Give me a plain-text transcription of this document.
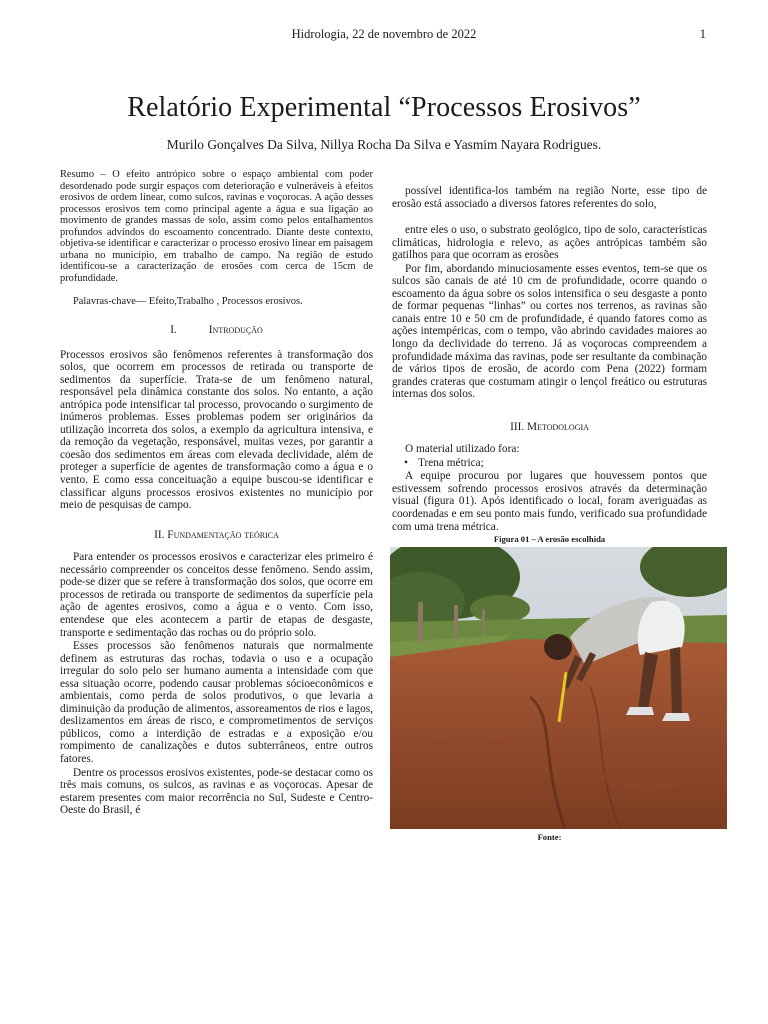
Hidrologia, 22 de novembro de 2022	1
Relatório Experimental “Processos Erosivos”
Murilo Gonçalves Da Silva, Nillya Rocha Da Silva e Yasmim Nayara Rodrigues.

Resumo – O efeito antrópico sobre o espaço ambiental com poder desordenado pode surgir espaços com deterioração e vulneráveis à efeitos erosivos de ordem linear, como sulcos, ravinas e voçorocas. A ação desses processos erosivos tem como principal agente a água e sua ligação ao movimento de grandes massas de solo, assim como pelos entalhamentos profundos advindos do escoamento concentrado. Diante deste contexto, objetiva-se identificar e caracterizar o processo erosivo linear em paisagem urbana no município, em trabalho de campo. Na região de estudo identificou-se a caracterização de erosões com cerca de 15cm de profundidade.

Palavras-chave— Efeito,Trabalho , Processos erosivos.

I.	Introdução

Processos erosivos são fenômenos referentes à transformação dos solos, que ocorrem em processos de retirada ou transporte de sedimentos da superfície. Trata-se de um fenômeno natural, responsável pela dinâmica constante dos solos. No entanto, a ação antrópica pode intensificar tal processo, provocando o surgimento de inúmeros problemas. Esses problemas podem ser originários da utilização incorreta dos solos, a exemplo da agricultura intensiva, e da remoção da vegetação, responsável, muitas vezes, por garantir a coesão dos sedimentos em áreas com elevada declividade, além de proteger a superfície de agentes de transformação como a água e o vento. E como essa conceituação a equipe buscou-se identificar e classificar alguns processos erosivos existentes no município por meio de pesquisas de campo.

II. Fundamentação teórica

Para entender os processos erosivos e caracterizar eles primeiro é necessário compreender os conceitos desse fenômeno. Sendo assim, pode-se dizer que se refere à transformação dos solos, que ocorre em processos de retirada ou transporte de sedimentos da superfície pela ação de agentes erosivos, como a água e o vento. Com isso, entendese que eles acontecem a partir de etapas de desgaste, transporte e sedimentação das rochas ou do próprio solo.

Esses processos são fenômenos naturais que normalmente definem as estruturas das rochas, todavia o uso e a ocupação irregular do solo pelo ser humano aumenta a intensidade com que essa situação ocorre, podendo causar problemas sócioeconômicos e ambientais, como perda de solos produtivos, o que levaria a diminuição da produção de alimentos, assoreamentos de rios e lagos, deslizamentos em áreas de risco, e comprometimentos de serviços públicos, como a interdição de estradas e a exposição e/ou rompimento de canalizações e dutos subterrâneos, entre outros fatores.

Dentre os processos erosivos existentes, pode-se destacar como os três mais comuns, os sulcos, as ravinas e as voçorocas. Apesar de estarem presentes com maior recorrência no Sul, Sudeste e Centro-Oeste do Brasil, é

possível identifica-los também na região Norte, esse tipo de erosão está associado a diversos fatores referentes do solo,

entre eles o uso, o substrato geológico, tipo de solo, características climáticas, hidrologia e relevo, as ações antrópicas também são gatilhos para que ocorram as erosões

Por fim, abordando minuciosamente esses eventos, tem-se que os sulcos são canais de até 10 cm de profundidade, ocorre quando o escoamento da água sobre os solos intensifica o seu desgaste a ponto de formar pequenas “linhas” ou cortes nos terrenos, as ravinas são canais entre 10 e 50 cm de profundidade, é quando fatores como as ações intempéricas, com o tempo, vão abrindo cavidades maiores ao longo da declividade do terreno. Já as voçorocas compreendem a profundidade máxima das ravinas, pode ser resultante da combinação de vários tipos de erosão, de acordo com Pena (2022) formam grandes crateras que costumam atingir o lençol freático ou estruturas internas dos solos.

III. Metodologia

O material utilizado fora:

• Trena métrica;

A equipe procurou por lugares que houvessem pontos que estivessem sofrendo processos erosivos através da determinação visual (figura 01). Após identificado o local, foram averiguadas as coordenadas e em seu ponto mais fundo, verificado sua profundidade com uma trena métrica.

Figura 01 – A erosão escolhida
Fonte:
